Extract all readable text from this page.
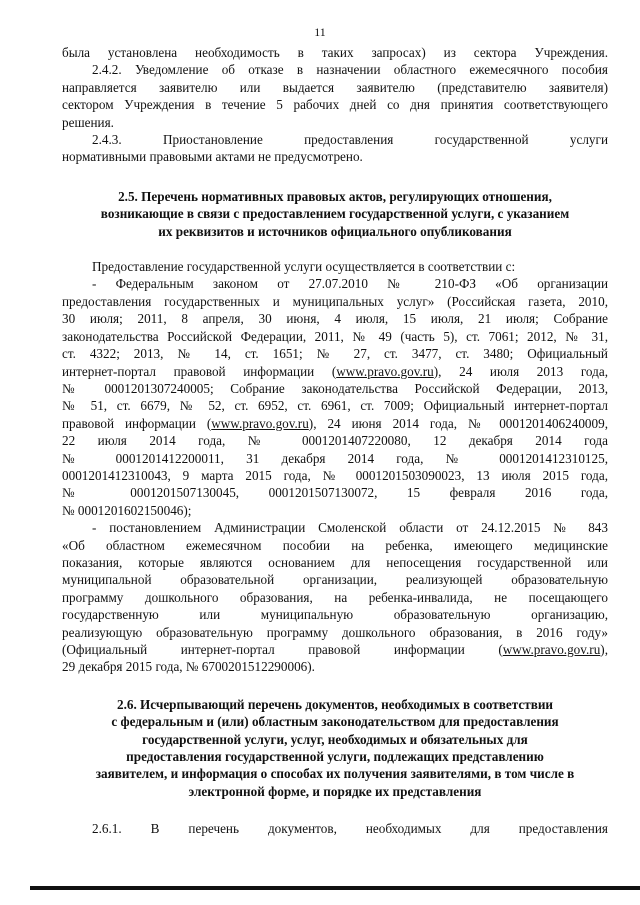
11
была установлена необходимость в таких запросах) из сектора Учреждения.
2.4.2. Уведомление об отказе в назначении областного ежемесячного пособия
направляется заявителю или выдается заявителю (представителю заявителя)
сектором Учреждения в течение 5 рабочих дней со дня принятия соответствующего
решения.
2.4.3. Приостановление предоставления государственной услуги
нормативными правовыми актами не предусмотрено.
2.5. Перечень нормативных правовых актов, регулирующих отношения,
возникающие в связи с предоставлением государственной услуги, с указанием
их реквизитов и источников официального опубликования
Предоставление государственной услуги осуществляется в соответствии с:
- Федеральным законом от 27.07.2010 № 210-ФЗ «Об организации
предоставления государственных и муниципальных услуг» (Российская газета, 2010,
30 июля; 2011, 8 апреля, 30 июня, 4 июля, 15 июля, 21 июля; Собрание
законодательства Российской Федерации, 2011, № 49 (часть 5), ст. 7061; 2012, № 31,
ст. 4322; 2013, № 14, ст. 1651; № 27, ст. 3477, ст. 3480; Официальный
интернет-портал правовой информации (www.pravo.gov.ru), 24 июля 2013 года,
№ 0001201307240005; Собрание законодательства Российской Федерации, 2013,
№ 51, ст. 6679, № 52, ст. 6952, ст. 6961, ст. 7009; Официальный интернет-портал
правовой информации (www.pravo.gov.ru), 24 июня 2014 года, № 0001201406240009,
22 июля 2014 года, № 0001201407220080, 12 декабря 2014 года
№ 0001201412200011, 31 декабря 2014 года, № 0001201412310125,
0001201412310043, 9 марта 2015 года, № 0001201503090023, 13 июля 2015 года,
№ 0001201507130045, 0001201507130072, 15 февраля 2016 года,
№ 0001201602150046);
- постановлением Администрации Смоленской области от 24.12.2015 № 843
«Об областном ежемесячном пособии на ребенка, имеющего медицинские
показания, которые являются основанием для непосещения государственной или
муниципальной образовательной организации, реализующей образовательную
программу дошкольного образования, на ребенка-инвалида, не посещающего
государственную или муниципальную образовательную организацию,
реализующую образовательную программу дошкольного образования, в 2016 году»
(Официальный интернет-портал правовой информации (www.pravo.gov.ru),
29 декабря 2015 года, № 6700201512290006).
2.6. Исчерпывающий перечень документов, необходимых в соответствии
с федеральным и (или) областным законодательством для предоставления
государственной услуги, услуг, необходимых и обязательных для
предоставления государственной услуги, подлежащих представлению
заявителем, и информация о способах их получения заявителями, в том числе в
электронной форме, и порядке их представления
2.6.1. В перечень документов, необходимых для предоставления
